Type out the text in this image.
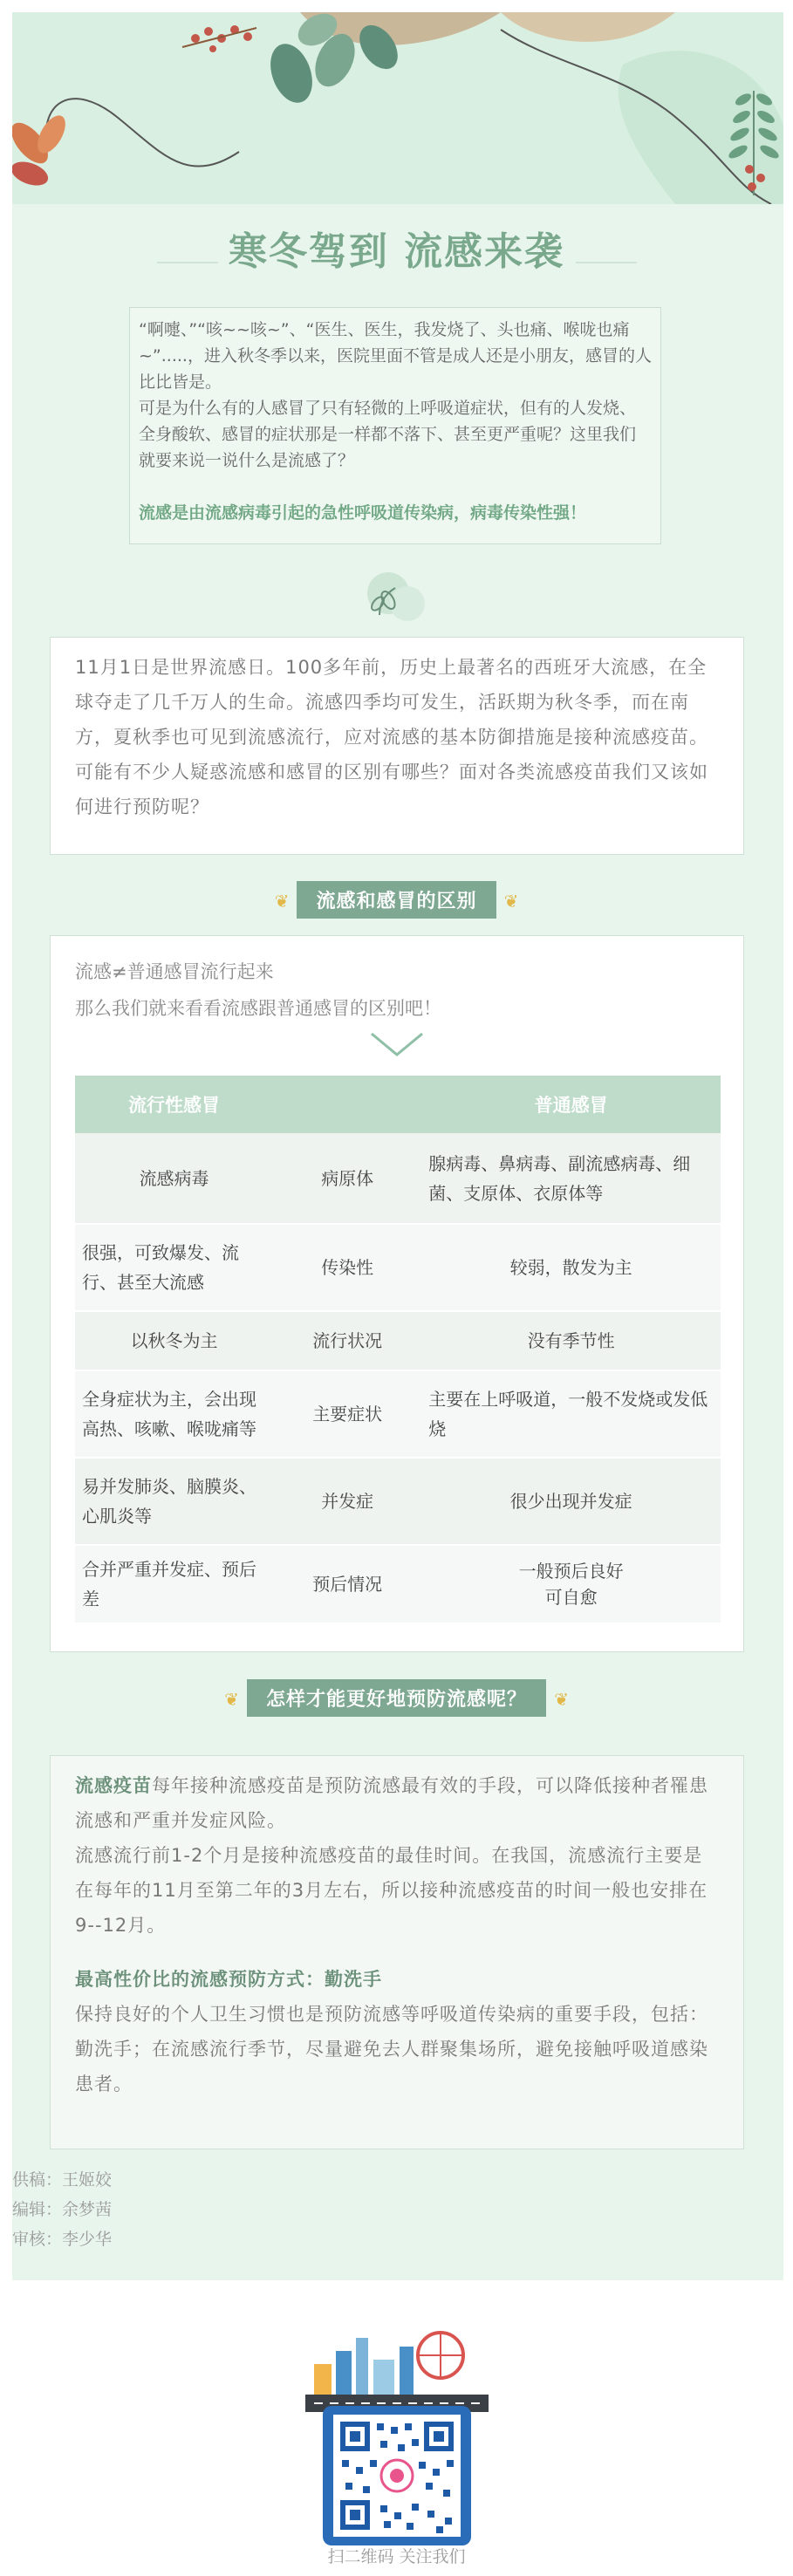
寒冬驾到 流感来袭

“啊嚏、”“咳~~咳~”、“医生、医生，我发烧了、头也痛、喉咙也痛~”.....，进入秋冬季以来，医院里面不管是成人还是小朋友，感冒的人比比皆是。

可是为什么有的人感冒了只有轻微的上呼吸道症状，但有的人发烧、全身酸软、感冒的症状那是一样都不落下、甚至更严重呢？这里我们就要来说一说什么是流感了？

流感是由流感病毒引起的急性呼吸道传染病，病毒传染性强！

11月1日是世界流感日。100多年前，历史上最著名的西班牙大流感，在全球夺走了几千万人的生命。流感四季均可发生，活跃期为秋冬季，而在南方，夏秋季也可见到流感流行，应对流感的基本防御措施是接种流感疫苗。可能有不少人疑惑流感和感冒的区别有哪些？面对各类流感疫苗我们又该如何进行预防呢？
❦ 流感和感冒的区别 ❦
流感≠普通感冒流行起来
那么我们就来看看流感跟普通感冒的区别吧！
流行性感冒		普通感冒
流感病毒	病原体	腺病毒、鼻病毒、副流感病毒、细菌、支原体、衣原体等
很强，可致爆发、流行、甚至大流感	传染性	较弱，散发为主
以秋冬为主	流行状况	没有季节性
全身症状为主，会出现高热、咳嗽、喉咙痛等	主要症状	主要在上呼吸道，一般不发烧或发低烧
易并发肺炎、脑膜炎、心肌炎等	并发症	很少出现并发症
合并严重并发症、预后差	预后情况	一般预后良好
可自愈
❦ 怎样才能更好地预防流感呢？ ❦
流感疫苗每年接种流感疫苗是预防流感最有效的手段，可以降低接种者罹患流感和严重并发症风险。
流感流行前1-2个月是接种流感疫苗的最佳时间。在我国，流感流行主要是在每年的11月至第二年的3月左右，所以接种流感疫苗的时间一般也安排在9--12月。
最高性价比的流感预防方式：勤洗手
保持良好的个人卫生习惯也是预防流感等呼吸道传染病的重要手段，包括：勤洗手；在流感流行季节，尽量避免去人群聚集场所，避免接触呼吸道感染患者。
供稿：王姬姣
编辑：余梦茜
审核：李少华
扫二维码 关注我们
